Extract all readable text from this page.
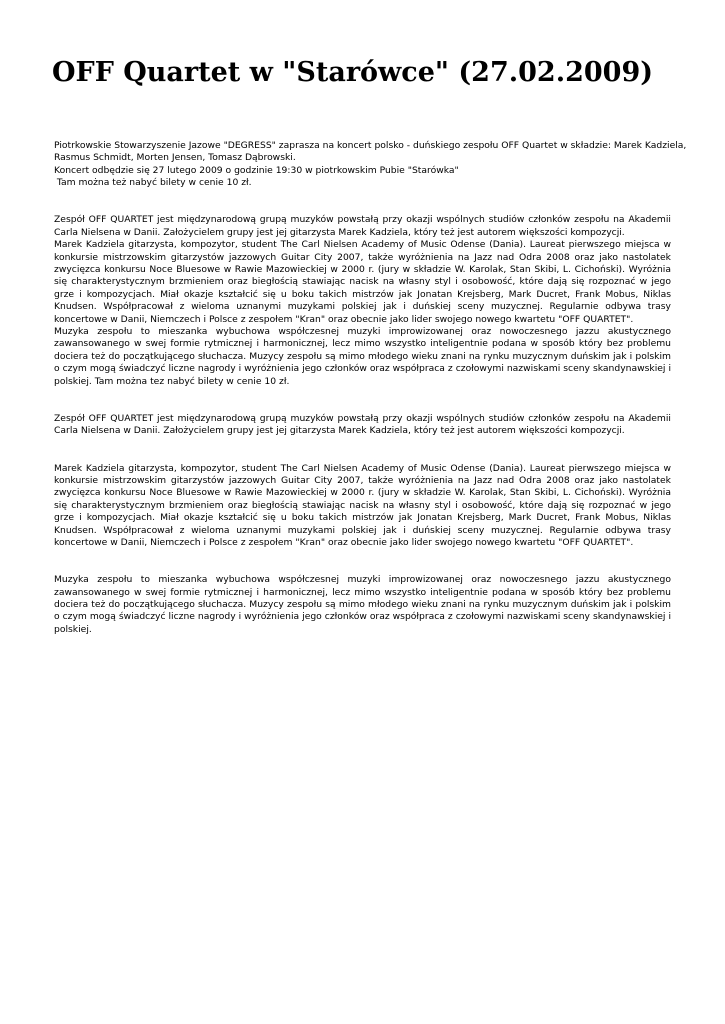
OFF Quartet w "Starówce" (27.02.2009)

Piotrkowskie Stowarzyszenie Jazowe "DEGRESS" zaprasza na koncert polsko - duńskiego zespołu OFF Quartet w składzie: Marek Kadziela,
Rasmus Schmidt, Morten Jensen, Tomasz Dąbrowski.
Koncert odbędzie się 27 lutego 2009 o godzinie 19:30 w piotrkowskim Pubie "Starówka"
Tam można też nabyć bilety w cenie 10 zł.

Zespół OFF QUARTET jest międzynarodową grupą muzyków powstałą przy okazji wspólnych studiów członków zespołu na Akademii Carla Nielsena w Danii. Założycielem grupy jest jej gitarzysta Marek Kadziela, który też jest autorem większości kompozycji.
Marek Kadziela gitarzysta, kompozytor, student The Carl Nielsen Academy of Music Odense (Dania). Laureat pierwszego miejsca w konkursie mistrzowskim gitarzystów jazzowych Guitar City 2007, także wyróżnienia na Jazz nad Odra 2008 oraz jako nastolatek zwycięzca konkursu Noce Bluesowe w Rawie Mazowieckiej w 2000 r. (jury w składzie W. Karolak, Stan Skibi, L. Cichoński). Wyróżnia się charakterystycznym brzmieniem oraz biegłością stawiając nacisk na własny styl i osobowość, które dają się rozpoznać w jego grze i kompozycjach. Miał okazje kształcić się u boku takich mistrzów jak Jonatan Krejsberg, Mark Ducret, Frank Mobus, Niklas Knudsen. Współpracował z wieloma uznanymi muzykami polskiej jak i duńskiej sceny muzycznej. Regularnie odbywa trasy koncertowe w Danii, Niemczech i Polsce z zespołem "Kran" oraz obecnie jako lider swojego nowego kwartetu "OFF QUARTET".
Muzyka zespołu to mieszanka wybuchowa współczesnej muzyki improwizowanej oraz nowoczesnego jazzu akustycznego zawansowanego w swej formie rytmicznej i harmonicznej, lecz mimo wszystko inteligentnie podana w sposób który bez problemu dociera też do początkującego słuchacza. Muzycy zespołu są mimo młodego wieku znani na rynku muzycznym duńskim jak i polskim o czym mogą świadczyć liczne nagrody i wyróżnienia jego członków oraz współpraca z czołowymi nazwiskami sceny skandynawskiej i polskiej. Tam można tez nabyć bilety w cenie 10 zł.

Zespół OFF QUARTET jest międzynarodową grupą muzyków powstałą przy okazji wspólnych studiów członków zespołu na Akademii Carla Nielsena w Danii. Założycielem grupy jest jej gitarzysta Marek Kadziela, który też jest autorem większości kompozycji.

Marek Kadziela gitarzysta, kompozytor, student The Carl Nielsen Academy of Music Odense (Dania). Laureat pierwszego miejsca w konkursie mistrzowskim gitarzystów jazzowych Guitar City 2007, także wyróżnienia na Jazz nad Odra 2008 oraz jako nastolatek zwycięzca konkursu Noce Bluesowe w Rawie Mazowieckiej w 2000 r. (jury w składzie W. Karolak, Stan Skibi, L. Cichoński). Wyróżnia się charakterystycznym brzmieniem oraz biegłością stawiając nacisk na własny styl i osobowość, które dają się rozpoznać w jego grze i kompozycjach. Miał okazje kształcić się u boku takich mistrzów jak Jonatan Krejsberg, Mark Ducret, Frank Mobus, Niklas Knudsen. Współpracował z wieloma uznanymi muzykami polskiej jak i duńskiej sceny muzycznej. Regularnie odbywa trasy koncertowe w Danii, Niemczech i Polsce z zespołem "Kran" oraz obecnie jako lider swojego nowego kwartetu "OFF QUARTET".

Muzyka zespołu to mieszanka wybuchowa współczesnej muzyki improwizowanej oraz nowoczesnego jazzu akustycznego zawansowanego w swej formie rytmicznej i harmonicznej, lecz mimo wszystko inteligentnie podana w sposób który bez problemu dociera też do początkującego słuchacza. Muzycy zespołu są mimo młodego wieku znani na rynku muzycznym duńskim jak i polskim o czym mogą świadczyć liczne nagrody i wyróżnienia jego członków oraz współpraca z czołowymi nazwiskami sceny skandynawskiej i polskiej.
